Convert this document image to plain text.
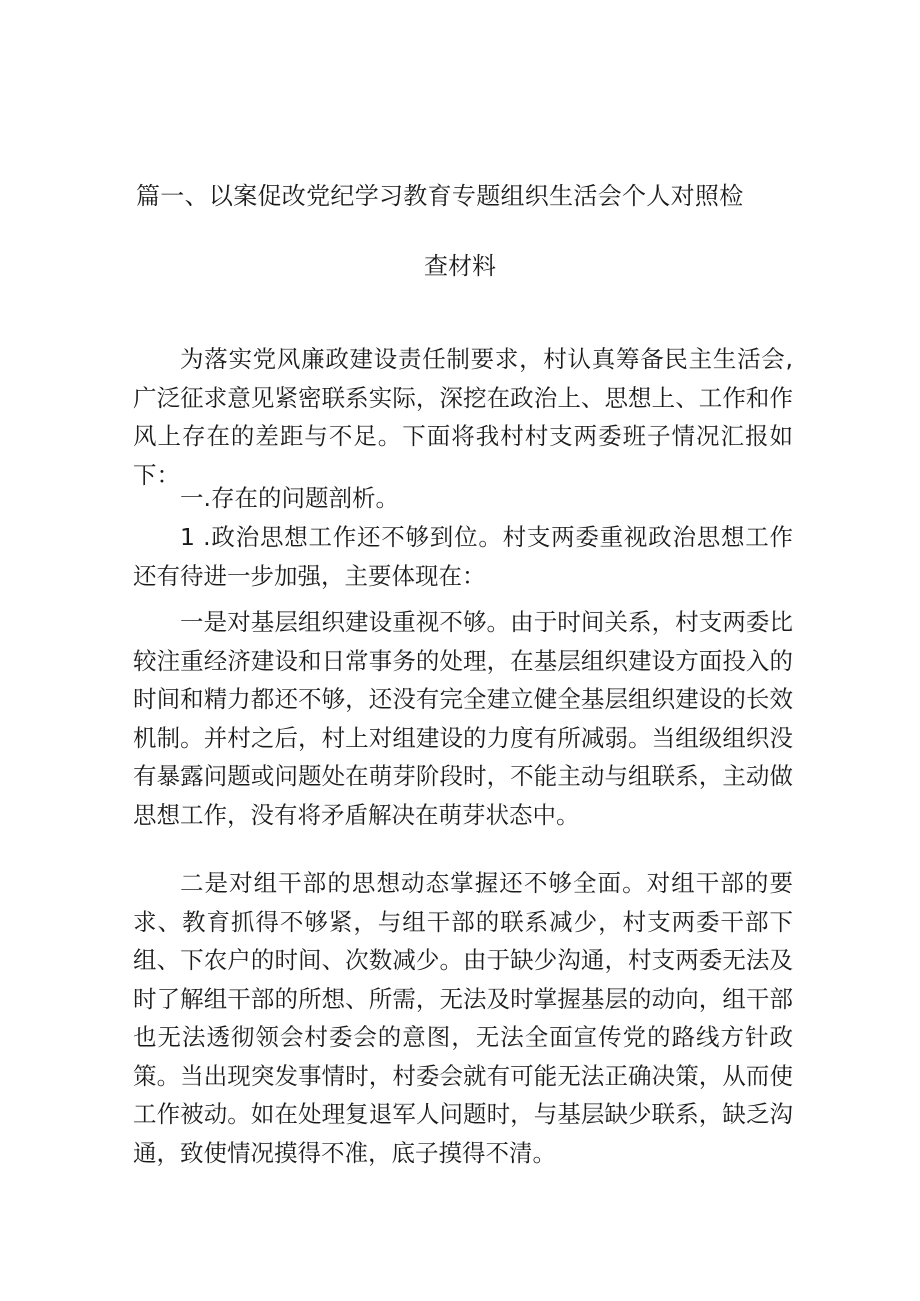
篇一、以案促改党纪学习教育专题组织生活会个人对照检
查材料

为落实党风廉政建设责任制要求，村认真筹备民主生活会,广泛征求意见紧密联系实际，深挖在政治上、思想上、工作和作风上存在的差距与不足。下面将我村村支两委班子情况汇报如下：

一.存在的问题剖析。

1 .政治思想工作还不够到位。村支两委重视政治思想工作还有待进一步加强，主要体现在：

一是对基层组织建设重视不够。由于时间关系，村支两委比较注重经济建设和日常事务的处理，在基层组织建设方面投入的时间和精力都还不够，还没有完全建立健全基层组织建设的长效机制。并村之后，村上对组建设的力度有所减弱。当组级组织没有暴露问题或问题处在萌芽阶段时，不能主动与组联系，主动做思想工作，没有将矛盾解决在萌芽状态中。

二是对组干部的思想动态掌握还不够全面。对组干部的要求、教育抓得不够紧，与组干部的联系减少，村支两委干部下组、下农户的时间、次数减少。由于缺少沟通，村支两委无法及时了解组干部的所想、所需，无法及时掌握基层的动向，组干部也无法透彻领会村委会的意图，无法全面宣传党的路线方针政策。当出现突发事情时，村委会就有可能无法正确决策，从而使工作被动。如在处理复退军人问题时，与基层缺少联系，缺乏沟通，致使情况摸得不准，底子摸得不清。
